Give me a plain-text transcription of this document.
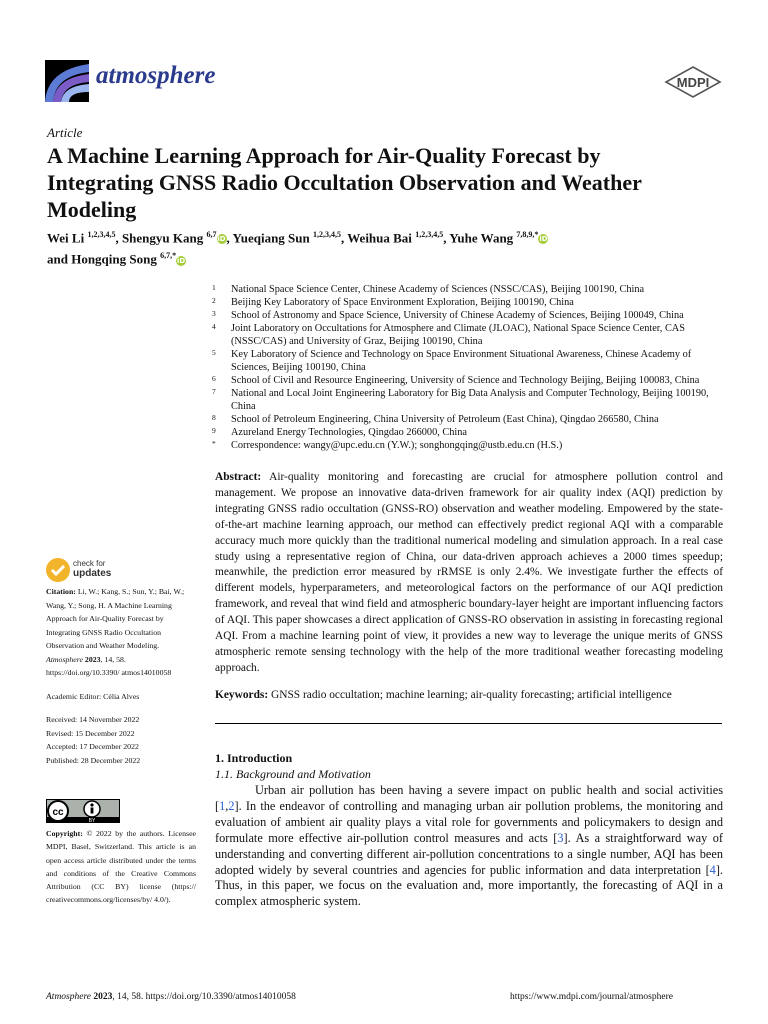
atmosphere	MDPI
Article
A Machine Learning Approach for Air-Quality Forecast by Integrating GNSS Radio Occultation Observation and Weather Modeling
Wei Li $^{1,2,3,4,5}$, Shengyu Kang $^{6,7}$iD, Yueqiang Sun $^{1,2,3,4,5}$, Weihua Bai $^{1,2,3,4,5}$, Yuhe Wang $^{7,8,9,*}$iD
and Hongqing Song $^{6,7,*}$iD
1 National Space Science Center, Chinese Academy of Sciences (NSSC/CAS), Beijing 100190, China
2 Beijing Key Laboratory of Space Environment Exploration, Beijing 100190, China
3 School of Astronomy and Space Science, University of Chinese Academy of Sciences, Beijing 100049, China
4 Joint Laboratory on Occultations for Atmosphere and Climate (JLOAC), National Space Science Center, CAS (NSSC/CAS) and University of Graz, Beijing 100190, China
5 Key Laboratory of Science and Technology on Space Environment Situational Awareness, Chinese Academy of Sciences, Beijing 100190, China
6 School of Civil and Resource Engineering, University of Science and Technology Beijing, Beijing 100083, China
7 National and Local Joint Engineering Laboratory for Big Data Analysis and Computer Technology, Beijing 100190, China
8 School of Petroleum Engineering, China University of Petroleum (East China), Qingdao 266580, China
9 Azureland Energy Technologies, Qingdao 266000, China
* Correspondence: wangy@upc.edu.cn (Y.W.); songhongqing@ustb.edu.cn (H.S.)
Abstract: Air-quality monitoring and forecasting are crucial for atmosphere pollution control and management. We propose an innovative data-driven framework for air quality index (AQI) prediction by integrating GNSS radio occultation (GNSS-RO) observation and weather modeling. Empowered by the state-of-the-art machine learning approach, our method can effectively predict regional AQI with a comparable accuracy much more quickly than the traditional numerical modeling and simulation approach. In a real case study using a representative region of China, our data-driven approach achieves a 2000 times speedup; meanwhile, the prediction error measured by rRMSE is only 2.4%. We investigate further the effects of different models, hyperparameters, and meteorological factors on the performance of our AQI prediction framework, and reveal that wind field and atmospheric boundary-layer height are important influencing factors of AQI. This paper showcases a direct application of GNSS-RO observation in assisting in forecasting regional AQI. From a machine learning point of view, it provides a new way to leverage the unique merits of GNSS atmospheric remote sensing technology with the help of the more traditional weather forecasting modeling approach.
Keywords: GNSS radio occultation; machine learning; air-quality forecasting; artificial intelligence
1. Introduction
1.1. Background and Motivation
Urban air pollution has been having a severe impact on public health and social activities [1,2]. In the endeavor of controlling and managing urban air pollution problems, the monitoring and evaluation of ambient air quality plays a vital role for governments and policymakers to design and formulate more effective air-pollution control measures and acts [3]. As a straightforward way of understanding and converting different air-pollution concentrations to a single number, AQI has been adopted widely by several countries and agencies for public information and data interpretation [4]. Thus, in this paper, we focus on the evaluation and, more importantly, the forecasting of AQI in a complex atmospheric system.
check for
updates

Citation: Li, W.; Kang, S.; Sun, Y.; Bai, W.; Wang, Y.; Song, H. A Machine Learning Approach for Air-Quality Forecast by Integrating GNSS Radio Occultation Observation and Weather Modeling. Atmosphere 2023, 14, 58. https://doi.org/10.3390/ atmos14010058

Academic Editor: Célia Alves

Received: 14 November 2022

Revised: 15 December 2022

Accepted: 17 December 2022

Published: 28 December 2022

cc
BY
Copyright: © 2022 by the authors. Licensee MDPI, Basel, Switzerland. This article is an open access article distributed under the terms and conditions of the Creative Commons Attribution (CC BY) license (https:// creativecommons.org/licenses/by/ 4.0/).
Atmosphere 2023, 14, 58. https://doi.org/10.3390/atmos14010058	https://www.mdpi.com/journal/atmosphere
